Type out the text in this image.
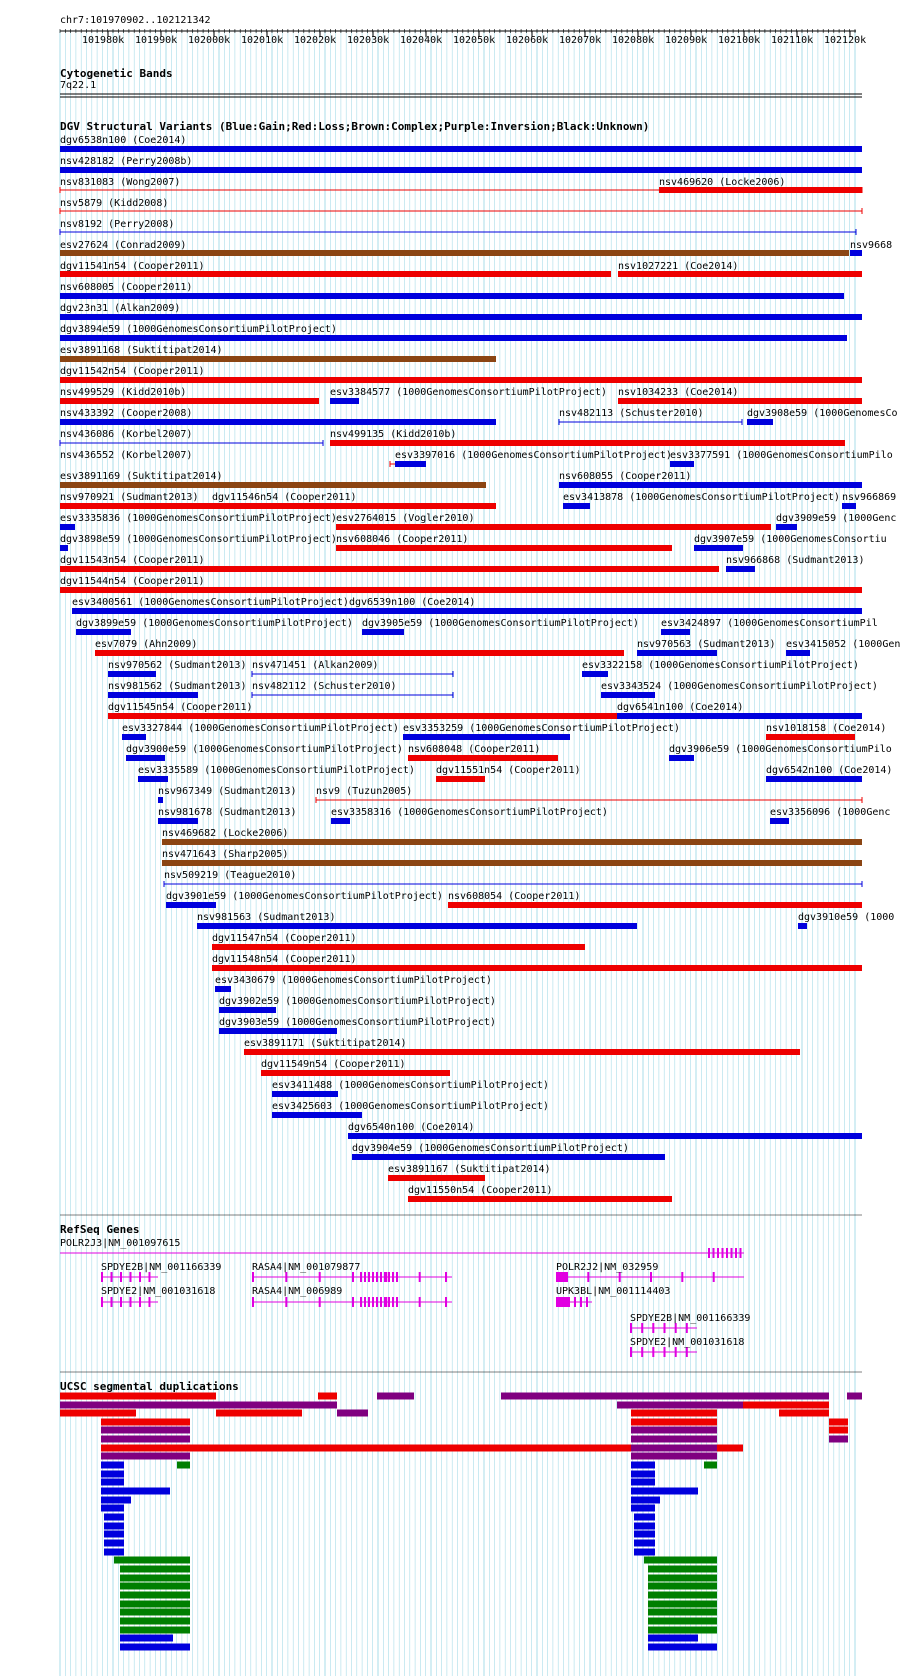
chr7:101970902..102121342
101980k 101990k 102000k 102010k 102020k 102030k 102040k 102050k 102060k 102070k 102080k 102090k 102100k 102110k 102120k
Cytogenetic Bands
7q22.1
DGV Structural Variants (Blue:Gain;Red:Loss;Brown:Complex;Purple:Inversion;Black:Unknown)
dgv6538n100 (Coe2014)
nsv428182 (Perry2008b)
nsv831083 (Wong2007)	nsv469620 (Locke2006)
nsv5879 (Kidd2008)
nsv8192 (Perry2008)
esv27624 (Conrad2009)	nsv9668
dgv11541n54 (Cooper2011)	nsv1027221 (Coe2014)
nsv608005 (Cooper2011)
dgv23n31 (Alkan2009)
dgv3894e59 (1000GenomesConsortiumPilotProject)
esv3891168 (Suktitipat2014)
dgv11542n54 (Cooper2011)
nsv499529 (Kidd2010b)	esv3384577 (1000GenomesConsortiumPilotProject) nsv1034233 (Coe2014)
nsv433392 (Cooper2008)	nsv482113 (Schuster2010)	dgv3908e59 (1000GenomesCo
nsv436086 (Korbel2007)	nsv499135 (Kidd2010b)
nsv436552 (Korbel2007)	esv3397016 (1000GenomesConsortiumPilotProject)
esv3377591 (1000GenomesConsortiumPilo
esv3891169 (Suktitipat2014)	nsv608055 (Cooper2011)
nsv970921 (Sudmant2013) dgv11546n54 (Cooper2011)	esv3413878 (1000GenomesConsortiumPilotProject) nsv966869
esv3335836 (1000GenomesConsortiumPilotProject) esv2764015 (Vogler2010)	dgv3909e59 (1000Genc
dgv3898e59 (1000GenomesConsortiumPilotProject) nsv608046 (Cooper2011)	dgv3907e59 (1000GenomesConsortiu
dgv11543n54 (Cooper2011)	nsv966868 (Sudmant2013)
dgv11544n54 (Cooper2011)
esv3400561 (1000GenomesConsortiumPilotProject) dgv6539n100 (Coe2014)
dgv3899e59 (1000GenomesConsortiumPilotProject) dgv3905e59 (1000GenomesConsortiumPilotProject) esv3424897 (1000GenomesConsortiumPil
esv7079 (Ahn2009)	nsv970563 (Sudmant2013) esv3415052 (1000Gen
nsv970562 (Sudmant2013) nsv471451 (Alkan2009)	esv3322158 (1000GenomesConsortiumPilotProject)
nsv981562 (Sudmant2013) nsv482112 (Schuster2010)	esv3343524 (1000GenomesConsortiumPilotProject)
dgv11545n54 (Cooper2011)	dgv6541n100 (Coe2014)
esv3327844 (1000GenomesConsortiumPilotProject) esv3353259 (1000GenomesConsortiumPilotProject)	nsv1018158 (Coe2014)
dgv3900e59 (1000GenomesConsortiumPilotProject) nsv608048 (Cooper2011)	dgv3906e59 (1000GenomesConsortiumPilo
esv3335589 (1000GenomesConsortiumPilotProject) dgv11551n54 (Cooper2011)	dgv6542n100 (Coe2014)
nsv967349 (Sudmant2013) nsv9 (Tuzun2005)
nsv981678 (Sudmant2013)	esv3358316 (1000GenomesConsortiumPilotProject)	esv3356096 (1000Genc
nsv469682 (Locke2006)
nsv471643 (Sharp2005)
nsv509219 (Teague2010)
dgv3901e59 (1000GenomesConsortiumPilotProject) nsv608054 (Cooper2011)
nsv981563 (Sudmant2013)	dgv3910e59 (1000
dgv11547n54 (Cooper2011)
dgv11548n54 (Cooper2011)
esv3430679 (1000GenomesConsortiumPilotProject)
dgv3902e59 (1000GenomesConsortiumPilotProject)
dgv3903e59 (1000GenomesConsortiumPilotProject)
esv3891171 (Suktitipat2014)
dgv11549n54 (Cooper2011)
esv3411488 (1000GenomesConsortiumPilotProject)
esv3425603 (1000GenomesConsortiumPilotProject)
dgv6540n100 (Coe2014)
dgv3904e59 (1000GenomesConsortiumPilotProject)
esv3891167 (Suktitipat2014)
dgv11550n54 (Cooper2011)
RefSeq Genes
POLR2J3|NM_001097615
SPDYE2B|NM_001166339
SPDYE2|NM_001031618
RASA4|NM_001079877
RASA4|NM_006989
POLR2J2|NM_032959
UPK3BL|NM_001114403
SPDYE2B|NM_001166339
SPDYE2|NM_001031618
UCSC segmental duplications
